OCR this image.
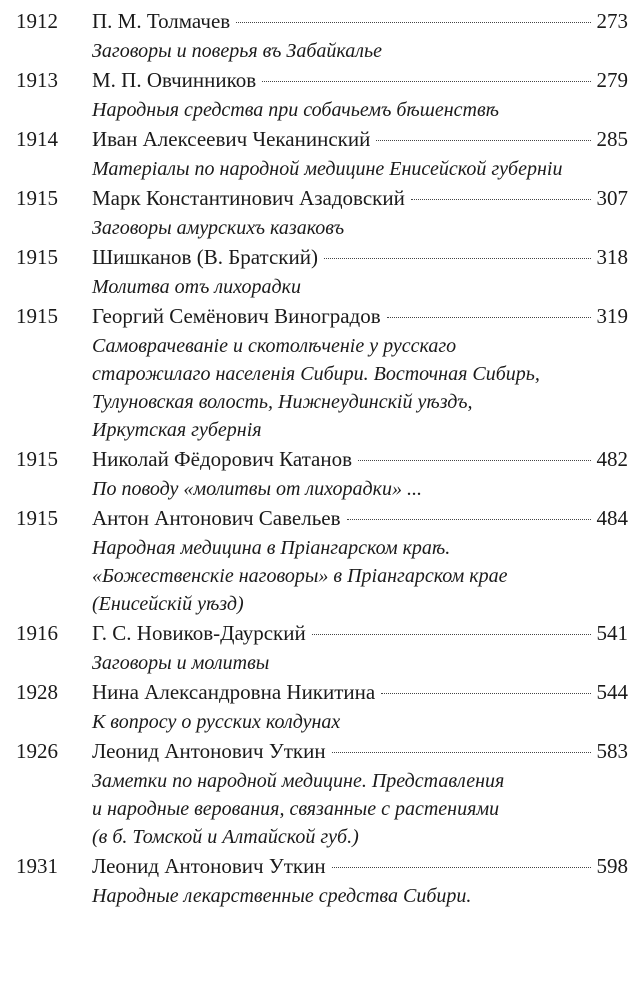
1912	П. М. Толмачев	273
Заговоры и поверья въ Забайкалье
1913	М. П. Овчинников	279
Народныя средства при собачьемъ бѣшенствѣ
1914	Иван Алексеевич Чеканинский	285
Матеріалы по народной медицине Енисейской губерніи
1915	Марк Константинович Азадовский	307
Заговоры амурскихъ казаковъ
1915	Шишканов (В. Братский)	318
Молитва отъ лихорадки
1915	Георгий Семёнович Виноградов	319
Самоврачеваніе и скотолѣченіе у русскаго
старожилаго населенія Сибири. Восточная Сибирь,
Тулуновская волость, Нижнеудинскій уѣздъ,
Иркутская губернія
1915	Николай Фёдорович Катанов	482
По поводу «молитвы от лихорадки» ...
1915	Антон Антонович Савельев	484
Народная медицина в Пріангарском краѣ.
«Божественскіе наговоры» в Пріангарском крае
(Енисейскій уѣзд)
1916	Г. С. Новиков-Даурский	541
Заговоры и молитвы
1928	Нина Александровна Никитина	544
К вопросу о русских колдунах
1926	Леонид Антонович Уткин	583
Заметки по народной медицине. Представления
и народные верования, связанные с растениями
(в б. Томской и Алтайской губ.)
1931	Леонид Антонович Уткин	598
Народные лекарственные средства Сибири.
